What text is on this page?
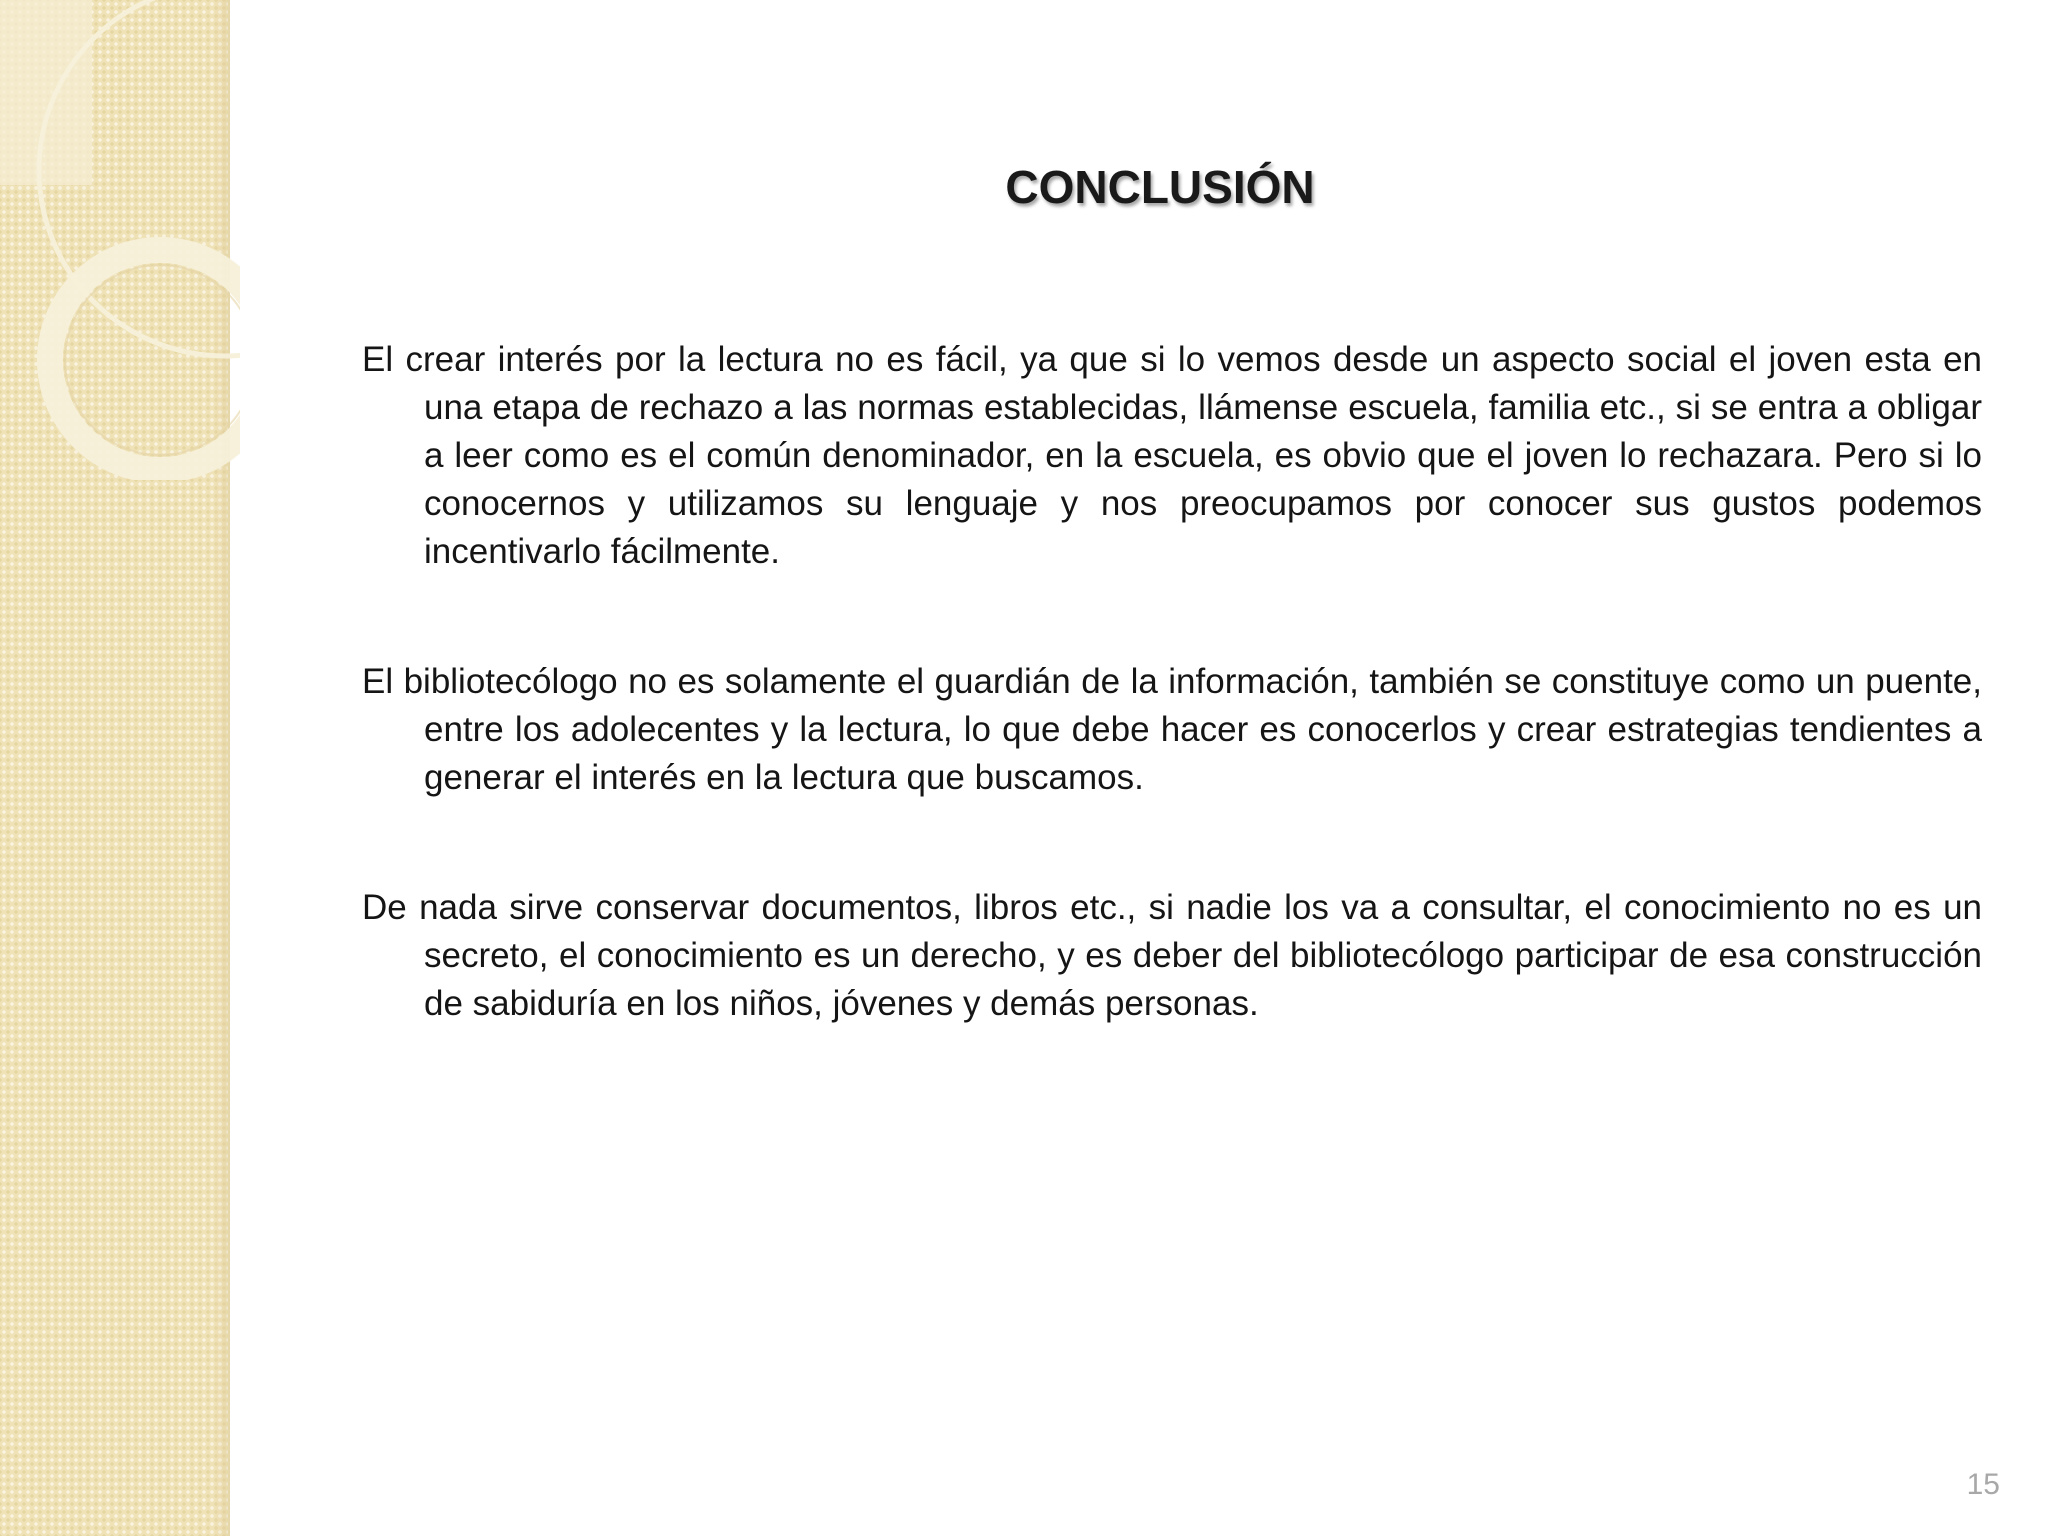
CONCLUSIÓN

El crear interés por la lectura no es fácil, ya que si lo vemos desde un aspecto social el joven esta en una etapa de rechazo a las normas establecidas, llámense escuela, familia etc., si se entra a obligar a leer como es el común denominador, en la escuela, es obvio que el joven lo rechazara. Pero si lo conocernos y utilizamos su lenguaje y nos preocupamos por conocer sus gustos podemos incentivarlo fácilmente.

El bibliotecólogo no es solamente el guardián de la información, también se constituye como un puente, entre los adolecentes y la lectura, lo que debe hacer es conocerlos y crear estrategias tendientes a generar el interés en la lectura que buscamos.

De nada sirve conservar documentos, libros etc., si nadie los va a consultar, el conocimiento no es un secreto, el conocimiento es un derecho, y es deber del bibliotecólogo participar de esa construcción de sabiduría en los niños, jóvenes y demás personas.

15
